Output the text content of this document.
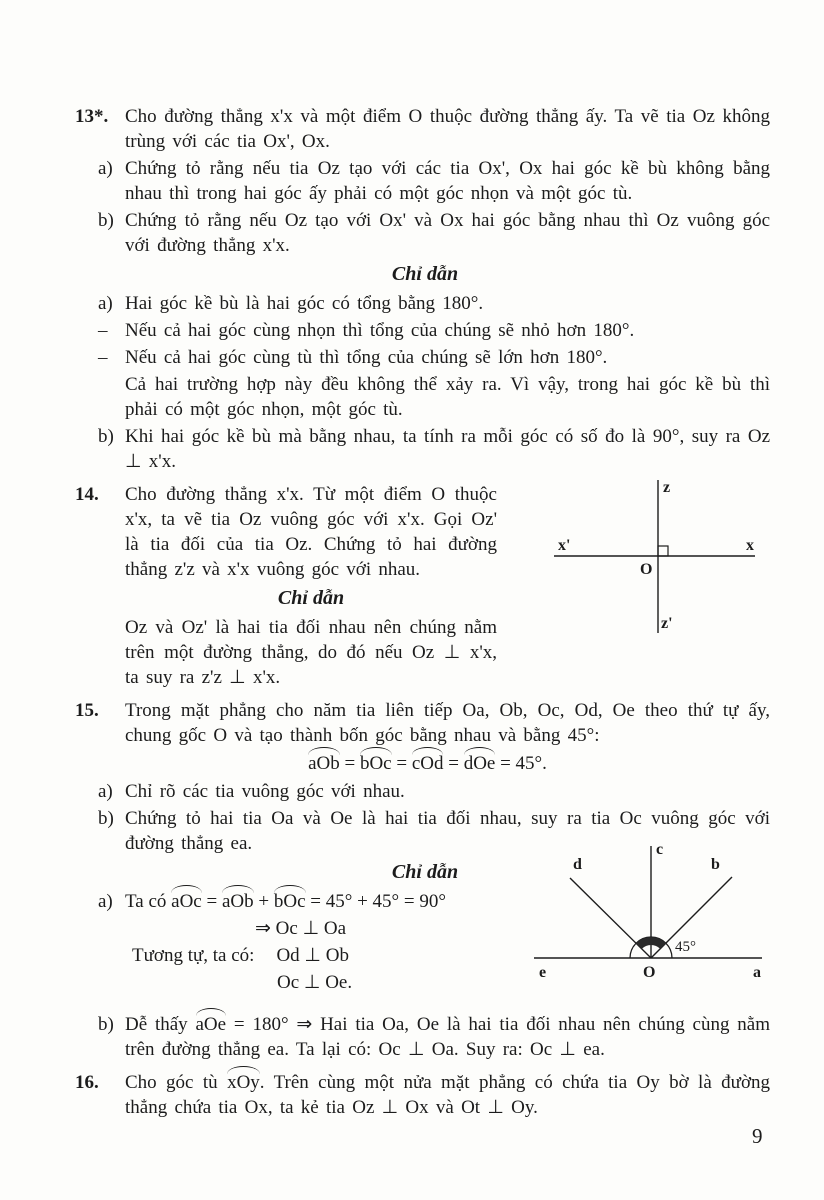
13*. Cho đường thẳng x'x và một điểm O thuộc đường thẳng ấy. Ta vẽ tia Oz không trùng với các tia Ox', Ox.
a) Chứng tỏ rằng nếu tia Oz tạo với các tia Ox', Ox hai góc kề bù không bằng nhau thì trong hai góc ấy phải có một góc nhọn và một góc tù.
b) Chứng tỏ rằng nếu Oz tạo với Ox' và Ox hai góc bằng nhau thì Oz vuông góc với đường thẳng x'x.
Chỉ dẫn
a) Hai góc kề bù là hai góc có tổng bằng 180°.
– Nếu cả hai góc cùng nhọn thì tổng của chúng sẽ nhỏ hơn 180°.
– Nếu cả hai góc cùng tù thì tổng của chúng sẽ lớn hơn 180°.
Cả hai trường hợp này đều không thể xảy ra. Vì vậy, trong hai góc kề bù thì phải có một góc nhọn, một góc tù.
b) Khi hai góc kề bù mà bằng nhau, ta tính ra mỗi góc có số đo là 90°, suy ra Oz ⊥ x'x.
14. Cho đường thẳng x'x. Từ một điểm O thuộc x'x, ta vẽ tia Oz vuông góc với x'x. Gọi Oz' là tia đối của tia Oz. Chứng tỏ hai đường thẳng z'z và x'x vuông góc với nhau.
Chỉ dẫn
Oz và Oz' là hai tia đối nhau nên chúng nằm trên một đường thẳng, do đó nếu Oz ⊥ x'x, ta suy ra z'z ⊥ x'x.
z
x'	x
O
z'
15. Trong mặt phẳng cho năm tia liên tiếp Oa, Ob, Oc, Od, Oe theo thứ tự ấy, chung gốc O và tạo thành bốn góc bằng nhau và bằng 45°:
aOb = bOc = cOd = dOe = 45°.
a) Chỉ rõ các tia vuông góc với nhau.
b) Chứng tỏ hai tia Oa và Oe là hai tia đối nhau, suy ra tia Oc vuông góc với đường thẳng ea.
Chỉ dẫn
a) Ta có aOc = aOb + bOc = 45° + 45° = 90°
⇒ Oc ⊥ Oa
Tương tự, ta có: Od ⊥ Ob
Oc ⊥ Oe.
c
d	b
e	a
O
45°
b) Dễ thấy aOe = 180° ⇒ Hai tia Oa, Oe là hai tia đối nhau nên chúng cùng nằm trên đường thẳng ea. Ta lại có: Oc ⊥ Oa. Suy ra: Oc ⊥ ea.
16. Cho góc tù xOy. Trên cùng một nửa mặt phẳng có chứa tia Oy bờ là đường thẳng chứa tia Ox, ta kẻ tia Oz ⊥ Ox và Ot ⊥ Oy.
9
